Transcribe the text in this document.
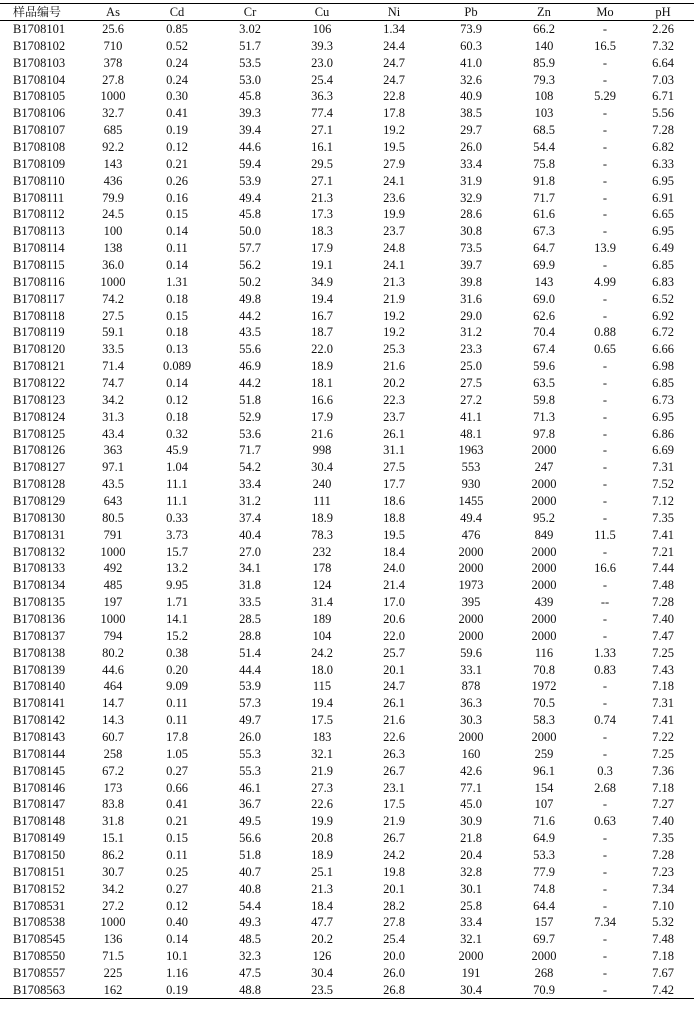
样品编号	As	Cd	Cr	Cu	Ni	Pb	Zn	Mo	pH
B1708101	25.6	0.85	3.02	106	1.34	73.9	66.2	-	2.26
B1708102	710	0.52	51.7	39.3	24.4	60.3	140	16.5	7.32
B1708103	378	0.24	53.5	23.0	24.7	41.0	85.9	-	6.64
B1708104	27.8	0.24	53.0	25.4	24.7	32.6	79.3	-	7.03
B1708105	1000	0.30	45.8	36.3	22.8	40.9	108	5.29	6.71
B1708106	32.7	0.41	39.3	77.4	17.8	38.5	103	-	5.56
B1708107	685	0.19	39.4	27.1	19.2	29.7	68.5	-	7.28
B1708108	92.2	0.12	44.6	16.1	19.5	26.0	54.4	-	6.82
B1708109	143	0.21	59.4	29.5	27.9	33.4	75.8	-	6.33
B1708110	436	0.26	53.9	27.1	24.1	31.9	91.8	-	6.95
B1708111	79.9	0.16	49.4	21.3	23.6	32.9	71.7	-	6.91
B1708112	24.5	0.15	45.8	17.3	19.9	28.6	61.6	-	6.65
B1708113	100	0.14	50.0	18.3	23.7	30.8	67.3	-	6.95
B1708114	138	0.11	57.7	17.9	24.8	73.5	64.7	13.9	6.49
B1708115	36.0	0.14	56.2	19.1	24.1	39.7	69.9	-	6.85
B1708116	1000	1.31	50.2	34.9	21.3	39.8	143	4.99	6.83
B1708117	74.2	0.18	49.8	19.4	21.9	31.6	69.0	-	6.52
B1708118	27.5	0.15	44.2	16.7	19.2	29.0	62.6	-	6.92
B1708119	59.1	0.18	43.5	18.7	19.2	31.2	70.4	0.88	6.72
B1708120	33.5	0.13	55.6	22.0	25.3	23.3	67.4	0.65	6.66
B1708121	71.4	0.089	46.9	18.9	21.6	25.0	59.6	-	6.98
B1708122	74.7	0.14	44.2	18.1	20.2	27.5	63.5	-	6.85
B1708123	34.2	0.12	51.8	16.6	22.3	27.2	59.8	-	6.73
B1708124	31.3	0.18	52.9	17.9	23.7	41.1	71.3	-	6.95
B1708125	43.4	0.32	53.6	21.6	26.1	48.1	97.8	-	6.86
B1708126	363	45.9	71.7	998	31.1	1963	2000	-	6.69
B1708127	97.1	1.04	54.2	30.4	27.5	553	247	-	7.31
B1708128	43.5	11.1	33.4	240	17.7	930	2000	-	7.52
B1708129	643	11.1	31.2	111	18.6	1455	2000	-	7.12
B1708130	80.5	0.33	37.4	18.9	18.8	49.4	95.2	-	7.35
B1708131	791	3.73	40.4	78.3	19.5	476	849	11.5	7.41
B1708132	1000	15.7	27.0	232	18.4	2000	2000	-	7.21
B1708133	492	13.2	34.1	178	24.0	2000	2000	16.6	7.44
B1708134	485	9.95	31.8	124	21.4	1973	2000	-	7.48
B1708135	197	1.71	33.5	31.4	17.0	395	439	--	7.28
B1708136	1000	14.1	28.5	189	20.6	2000	2000	-	7.40
B1708137	794	15.2	28.8	104	22.0	2000	2000	-	7.47
B1708138	80.2	0.38	51.4	24.2	25.7	59.6	116	1.33	7.25
B1708139	44.6	0.20	44.4	18.0	20.1	33.1	70.8	0.83	7.43
B1708140	464	9.09	53.9	115	24.7	878	1972	-	7.18
B1708141	14.7	0.11	57.3	19.4	26.1	36.3	70.5	-	7.31
B1708142	14.3	0.11	49.7	17.5	21.6	30.3	58.3	0.74	7.41
B1708143	60.7	17.8	26.0	183	22.6	2000	2000	-	7.22
B1708144	258	1.05	55.3	32.1	26.3	160	259	-	7.25
B1708145	67.2	0.27	55.3	21.9	26.7	42.6	96.1	0.3	7.36
B1708146	173	0.66	46.1	27.3	23.1	77.1	154	2.68	7.18
B1708147	83.8	0.41	36.7	22.6	17.5	45.0	107	-	7.27
B1708148	31.8	0.21	49.5	19.9	21.9	30.9	71.6	0.63	7.40
B1708149	15.1	0.15	56.6	20.8	26.7	21.8	64.9	-	7.35
B1708150	86.2	0.11	51.8	18.9	24.2	20.4	53.3	-	7.28
B1708151	30.7	0.25	40.7	25.1	19.8	32.8	77.9	-	7.23
B1708152	34.2	0.27	40.8	21.3	20.1	30.1	74.8	-	7.34
B1708531	27.2	0.12	54.4	18.4	28.2	25.8	64.4	-	7.10
B1708538	1000	0.40	49.3	47.7	27.8	33.4	157	7.34	5.32
B1708545	136	0.14	48.5	20.2	25.4	32.1	69.7	-	7.48
B1708550	71.5	10.1	32.3	126	20.0	2000	2000	-	7.18
B1708557	225	1.16	47.5	30.4	26.0	191	268	-	7.67
B1708563	162	0.19	48.8	23.5	26.8	30.4	70.9	-	7.42
